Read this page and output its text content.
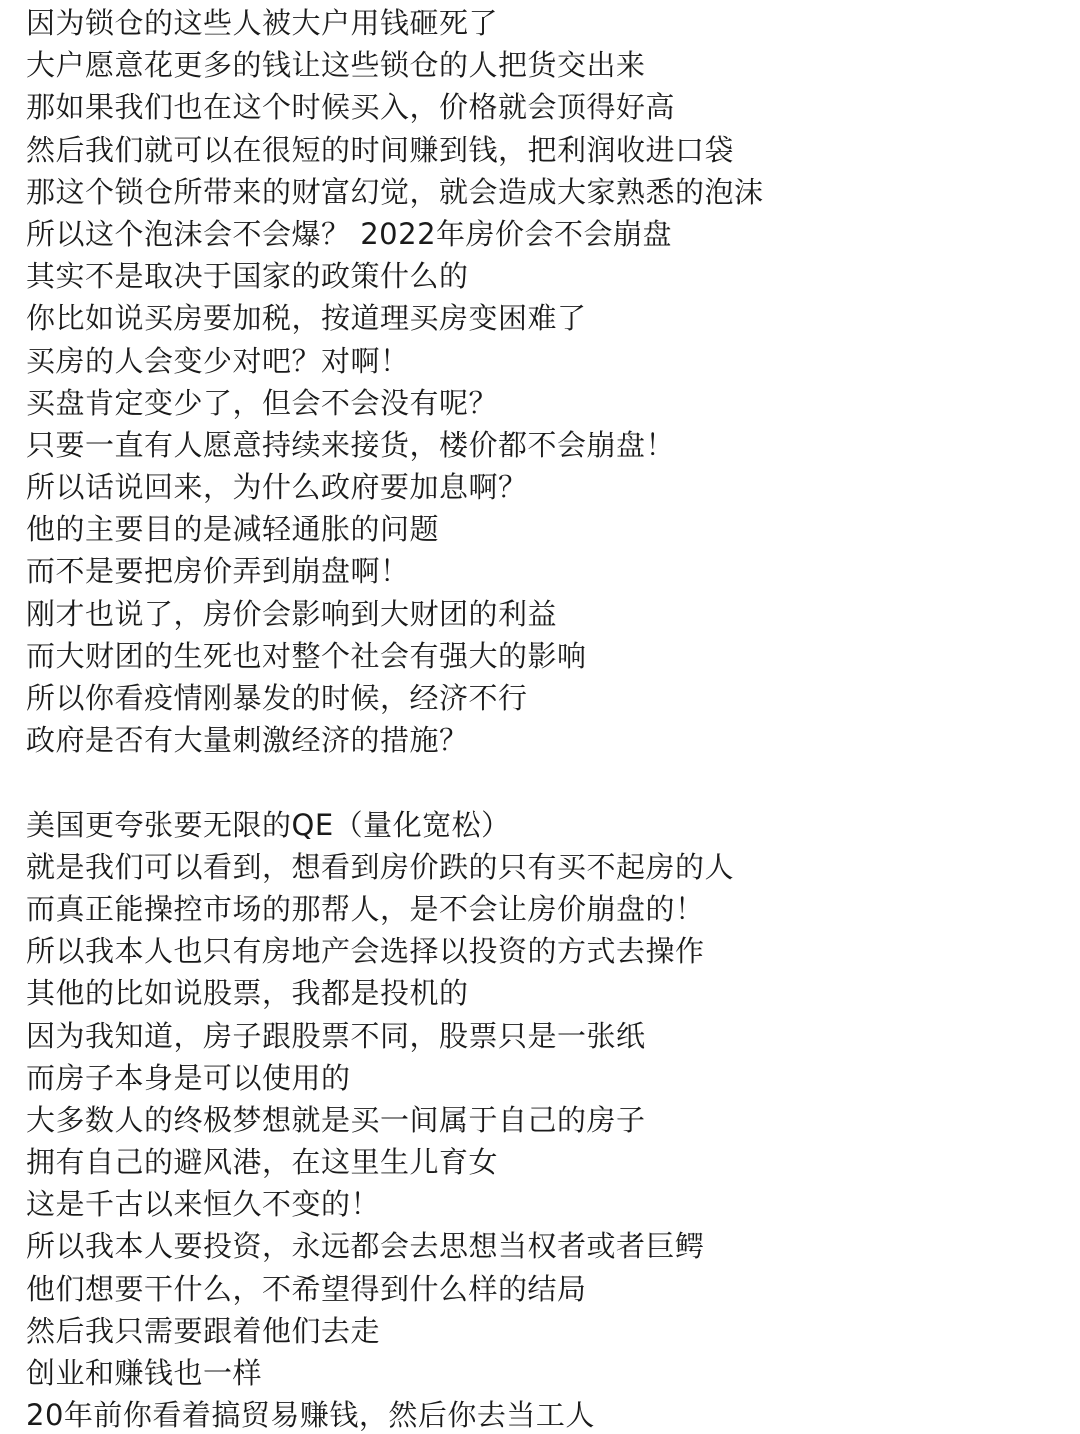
因为锁仓的这些人被大户用钱砸死了
大户愿意花更多的钱让这些锁仓的人把货交出来
那如果我们也在这个时候买入，价格就会顶得好高
然后我们就可以在很短的时间赚到钱，把利润收进口袋
那这个锁仓所带来的财富幻觉，就会造成大家熟悉的泡沫
所以这个泡沫会不会爆？ 2022年房价会不会崩盘
其实不是取决于国家的政策什么的
你比如说买房要加税，按道理买房变困难了
买房的人会变少对吧？对啊！
买盘肯定变少了，但会不会没有呢？
只要一直有人愿意持续来接货，楼价都不会崩盘！
所以话说回来，为什么政府要加息啊？
他的主要目的是减轻通胀的问题
而不是要把房价弄到崩盘啊！
刚才也说了，房价会影响到大财团的利益
而大财团的生死也对整个社会有强大的影响
所以你看疫情刚暴发的时候，经济不行
政府是否有大量刺激经济的措施？
美国更夸张要无限的QE（量化宽松）
就是我们可以看到，想看到房价跌的只有买不起房的人
而真正能操控市场的那帮人，是不会让房价崩盘的！
所以我本人也只有房地产会选择以投资的方式去操作
其他的比如说股票，我都是投机的
因为我知道，房子跟股票不同，股票只是一张纸
而房子本身是可以使用的
大多数人的终极梦想就是买一间属于自己的房子
拥有自己的避风港，在这里生儿育女
这是千古以来恒久不变的！
所以我本人要投资，永远都会去思想当权者或者巨鳄
他们想要干什么，不希望得到什么样的结局
然后我只需要跟着他们去走
创业和赚钱也一样
20年前你看着搞贸易赚钱，然后你去当工人
